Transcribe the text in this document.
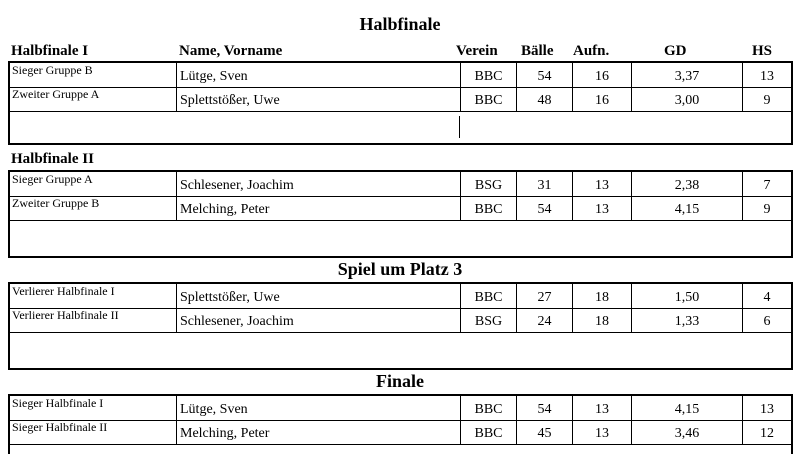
Halbfinale
Halbfinale I	Name, Vorname	Verein Bälle Aufn.	GD	HS
Sieger Gruppe B	Lütge, Sven	BBC	54	16	3,37	13
Zweiter Gruppe A	Splettstößer, Uwe	BBC	48	16	3,00	9
Halbfinale II
Sieger Gruppe A	Schlesener, Joachim	BSG	31	13	2,38	7
Zweiter Gruppe B	Melching, Peter	BBC	54	13	4,15	9
Spiel um Platz 3
Verlierer Halbfinale I	Splettstößer, Uwe	BBC	27	18	1,50	4
Verlierer Halbfinale II	Schlesener, Joachim	BSG	24	18	1,33	6
Finale
Sieger Halbfinale I	Lütge, Sven	BBC	54	13	4,15	13
Sieger Halbfinale II	Melching, Peter	BBC	45	13	3,46	12
